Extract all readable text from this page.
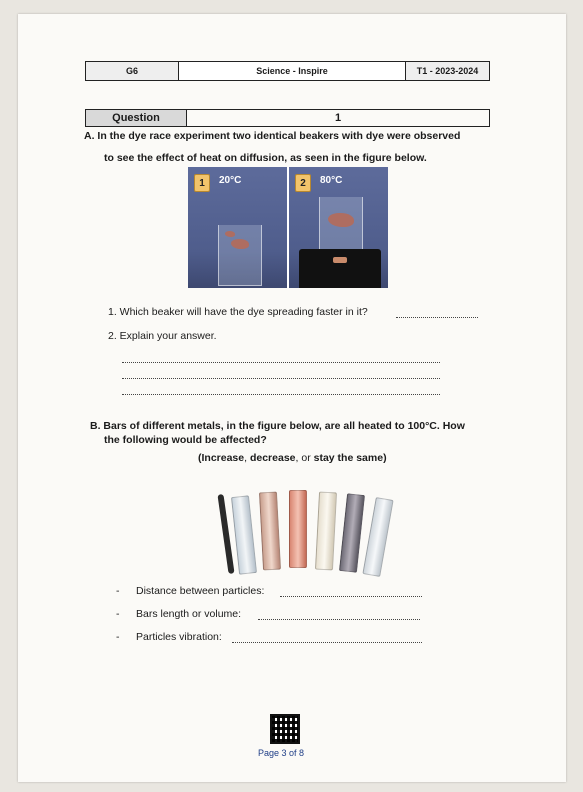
G6	Science - Inspire	T1 - 2023-2024
Question	1
A. In the dye race experiment two identical beakers with dye were observed
to see the effect of heat on diffusion, as seen in the figure below.
1	20°C	2	80°C
1. Which beaker will have the dye spreading faster in it?
2. Explain your answer.
B. Bars of different metals, in the figure below, are all heated to 100°C. How
the following would be affected?
(Increase, decrease, or stay the same)
- Distance between particles:
- Bars length or volume:
- Particles vibration:
Page 3 of 8
